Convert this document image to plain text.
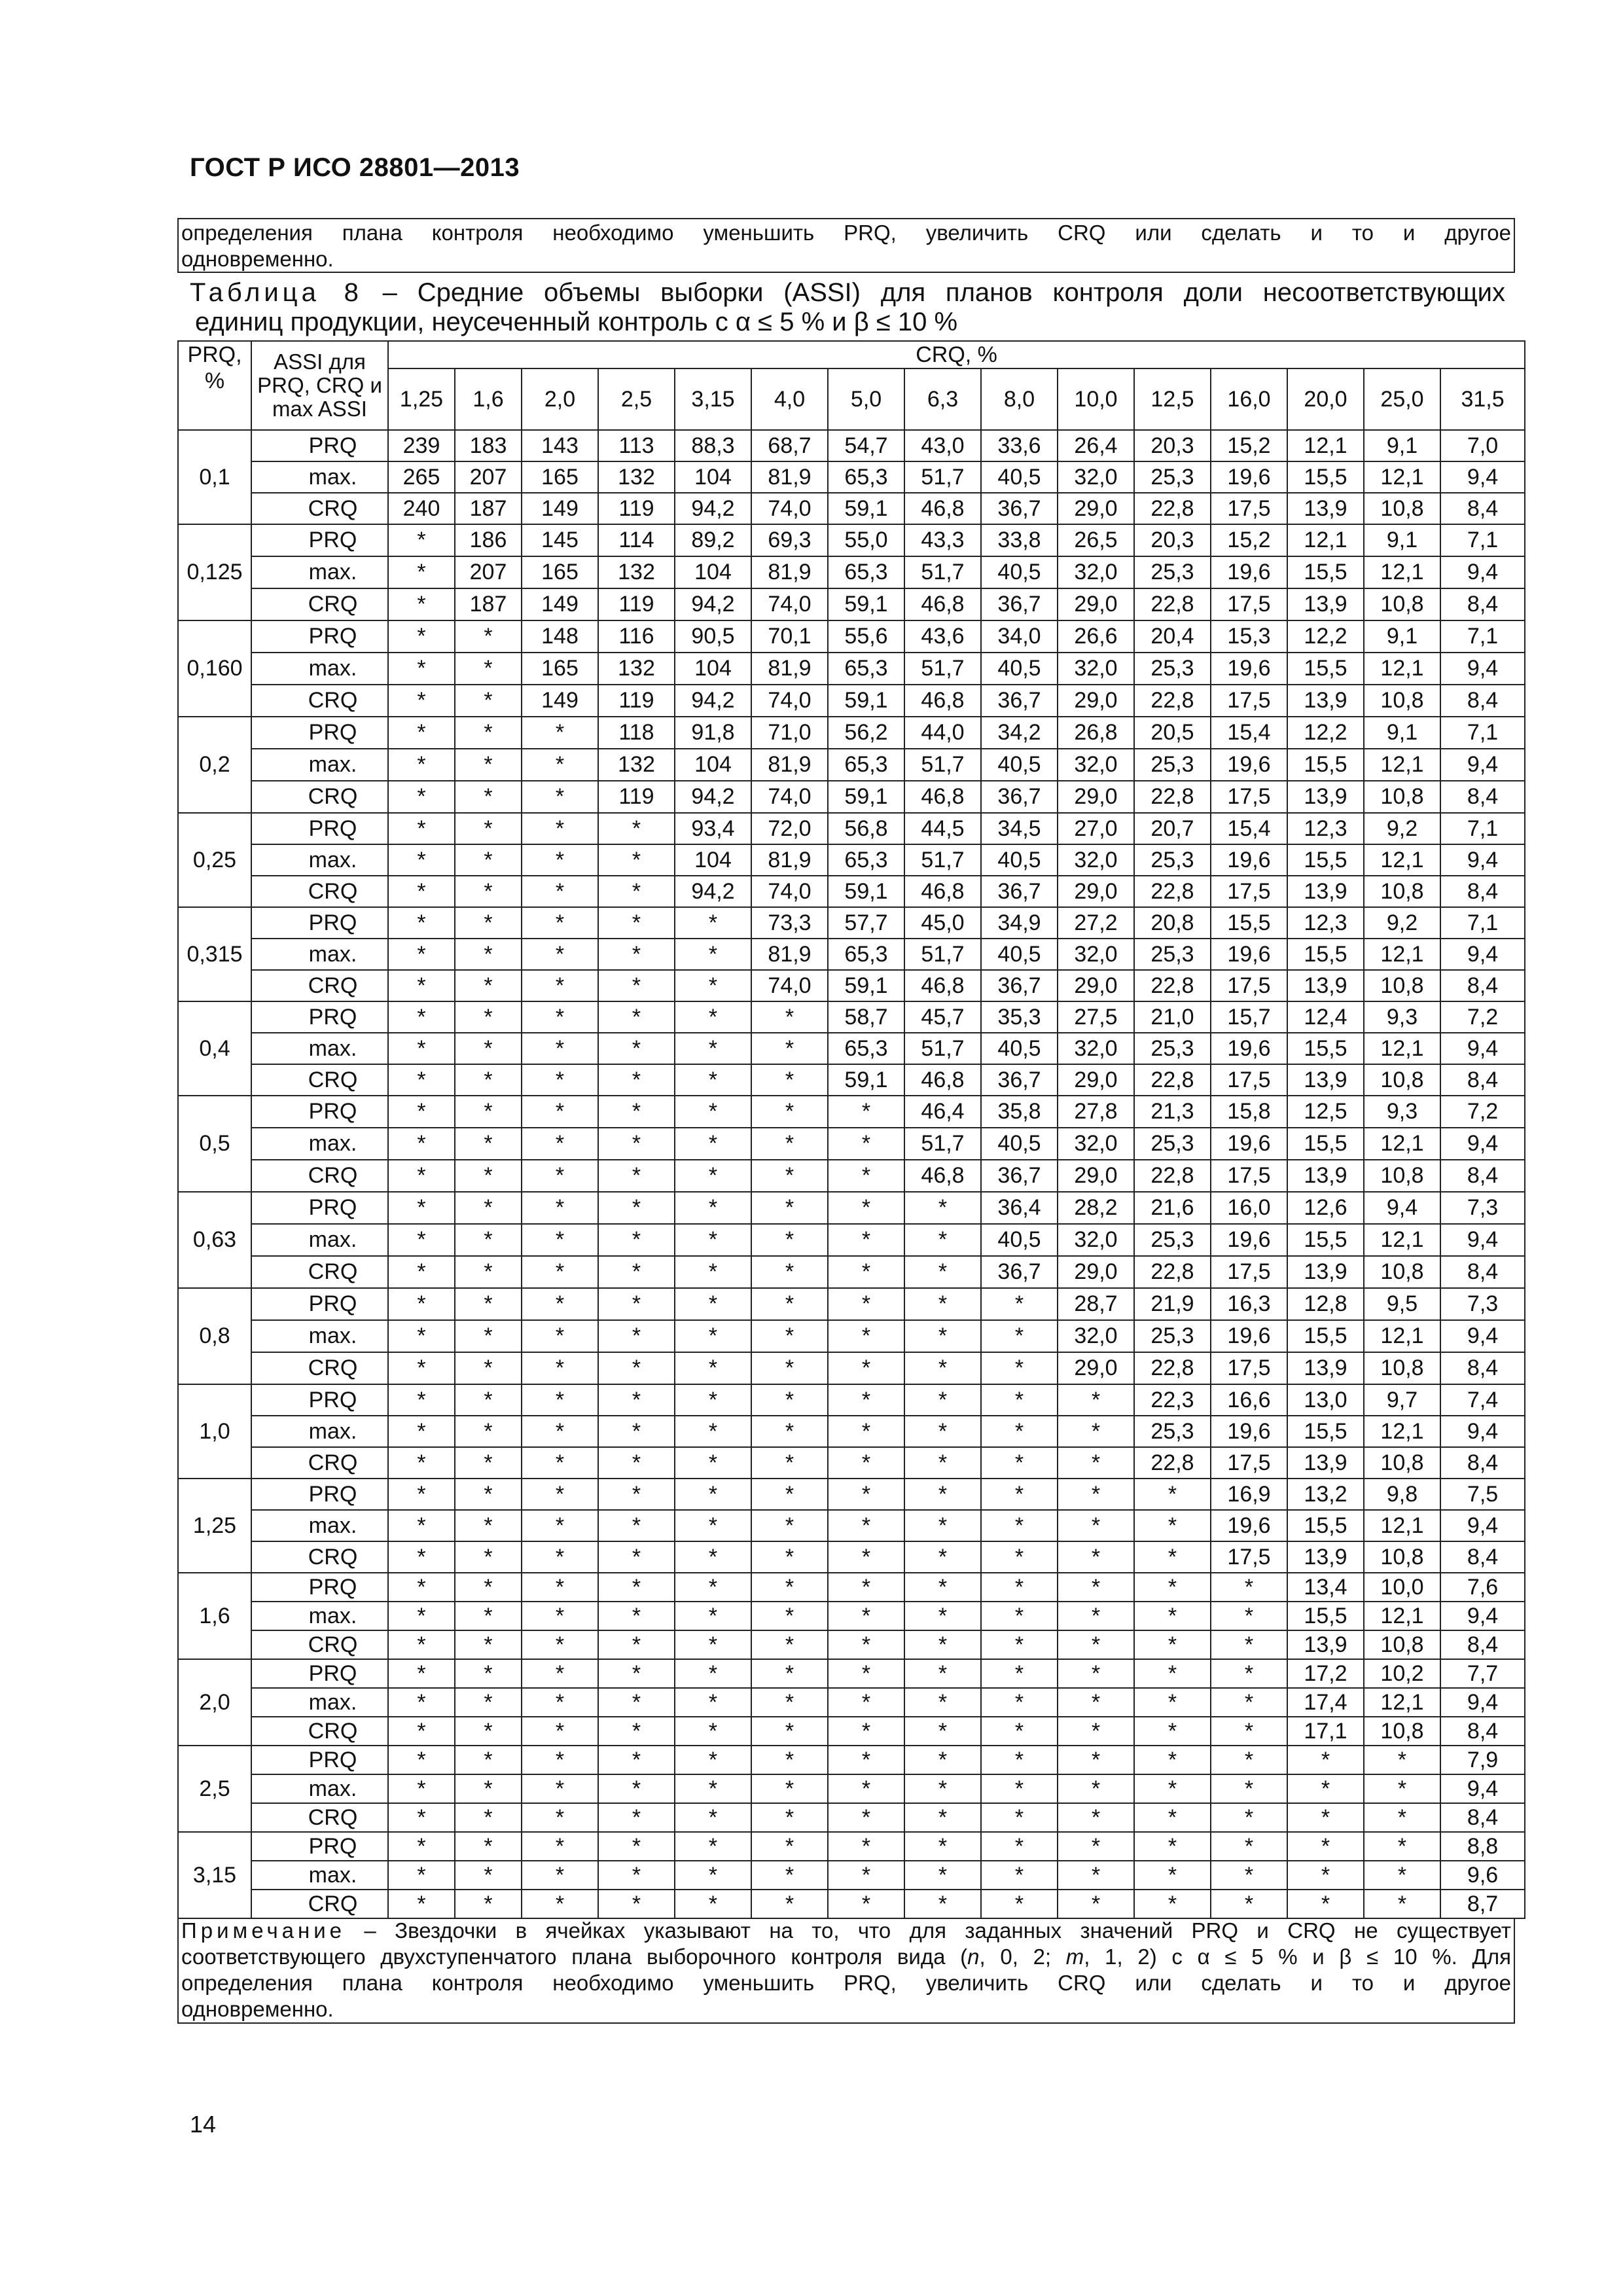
ГОСТ Р ИСО 28801—2013
определения плана контроля необходимо уменьшить PRQ, увеличить CRQ или сделать и то и другое
одновременно.
Таблица 8 – Средние объемы выборки (ASSI) для планов контроля доли несоответствующих
единиц продукции, неусеченный контроль с α ≤ 5 % и β ≤ 10 %
PRQ, %	ASSI для PRQ, CRQ и max ASSI	CRQ, %														
		1,25	1,6	2,0	2,5	3,15	4,0	5,0	6,3	8,0	10,0	12,5	16,0	20,0	25,0	31,5
0,1	PRQ	239	183	143	113	88,3	68,7	54,7	43,0	33,6	26,4	20,3	15,2	12,1	9,1	7,0
	max.	265	207	165	132	104	81,9	65,3	51,7	40,5	32,0	25,3	19,6	15,5	12,1	9,4
	CRQ	240	187	149	119	94,2	74,0	59,1	46,8	36,7	29,0	22,8	17,5	13,9	10,8	8,4
0,125	PRQ	*	186	145	114	89,2	69,3	55,0	43,3	33,8	26,5	20,3	15,2	12,1	9,1	7,1
	max.	*	207	165	132	104	81,9	65,3	51,7	40,5	32,0	25,3	19,6	15,5	12,1	9,4
	CRQ	*	187	149	119	94,2	74,0	59,1	46,8	36,7	29,0	22,8	17,5	13,9	10,8	8,4
0,160	PRQ	*	*	148	116	90,5	70,1	55,6	43,6	34,0	26,6	20,4	15,3	12,2	9,1	7,1
	max.	*	*	165	132	104	81,9	65,3	51,7	40,5	32,0	25,3	19,6	15,5	12,1	9,4
	CRQ	*	*	149	119	94,2	74,0	59,1	46,8	36,7	29,0	22,8	17,5	13,9	10,8	8,4
0,2	PRQ	*	*	*	118	91,8	71,0	56,2	44,0	34,2	26,8	20,5	15,4	12,2	9,1	7,1
	max.	*	*	*	132	104	81,9	65,3	51,7	40,5	32,0	25,3	19,6	15,5	12,1	9,4
	CRQ	*	*	*	119	94,2	74,0	59,1	46,8	36,7	29,0	22,8	17,5	13,9	10,8	8,4
0,25	PRQ	*	*	*	*	93,4	72,0	56,8	44,5	34,5	27,0	20,7	15,4	12,3	9,2	7,1
	max.	*	*	*	*	104	81,9	65,3	51,7	40,5	32,0	25,3	19,6	15,5	12,1	9,4
	CRQ	*	*	*	*	94,2	74,0	59,1	46,8	36,7	29,0	22,8	17,5	13,9	10,8	8,4
0,315	PRQ	*	*	*	*	*	73,3	57,7	45,0	34,9	27,2	20,8	15,5	12,3	9,2	7,1
	max.	*	*	*	*	*	81,9	65,3	51,7	40,5	32,0	25,3	19,6	15,5	12,1	9,4
	CRQ	*	*	*	*	*	74,0	59,1	46,8	36,7	29,0	22,8	17,5	13,9	10,8	8,4
0,4	PRQ	*	*	*	*	*	*	58,7	45,7	35,3	27,5	21,0	15,7	12,4	9,3	7,2
	max.	*	*	*	*	*	*	65,3	51,7	40,5	32,0	25,3	19,6	15,5	12,1	9,4
	CRQ	*	*	*	*	*	*	59,1	46,8	36,7	29,0	22,8	17,5	13,9	10,8	8,4
0,5	PRQ	*	*	*	*	*	*	*	46,4	35,8	27,8	21,3	15,8	12,5	9,3	7,2
	max.	*	*	*	*	*	*	*	51,7	40,5	32,0	25,3	19,6	15,5	12,1	9,4
	CRQ	*	*	*	*	*	*	*	46,8	36,7	29,0	22,8	17,5	13,9	10,8	8,4
0,63	PRQ	*	*	*	*	*	*	*	*	36,4	28,2	21,6	16,0	12,6	9,4	7,3
	max.	*	*	*	*	*	*	*	*	40,5	32,0	25,3	19,6	15,5	12,1	9,4
	CRQ	*	*	*	*	*	*	*	*	36,7	29,0	22,8	17,5	13,9	10,8	8,4
0,8	PRQ	*	*	*	*	*	*	*	*	*	28,7	21,9	16,3	12,8	9,5	7,3
	max.	*	*	*	*	*	*	*	*	*	32,0	25,3	19,6	15,5	12,1	9,4
	CRQ	*	*	*	*	*	*	*	*	*	29,0	22,8	17,5	13,9	10,8	8,4
1,0	PRQ	*	*	*	*	*	*	*	*	*	*	22,3	16,6	13,0	9,7	7,4
	max.	*	*	*	*	*	*	*	*	*	*	25,3	19,6	15,5	12,1	9,4
	CRQ	*	*	*	*	*	*	*	*	*	*	22,8	17,5	13,9	10,8	8,4
1,25	PRQ	*	*	*	*	*	*	*	*	*	*	*	16,9	13,2	9,8	7,5
	max.	*	*	*	*	*	*	*	*	*	*	*	19,6	15,5	12,1	9,4
	CRQ	*	*	*	*	*	*	*	*	*	*	*	17,5	13,9	10,8	8,4
1,6	PRQ	*	*	*	*	*	*	*	*	*	*	*	*	13,4	10,0	7,6
	max.	*	*	*	*	*	*	*	*	*	*	*	*	15,5	12,1	9,4
	CRQ	*	*	*	*	*	*	*	*	*	*	*	*	13,9	10,8	8,4
2,0	PRQ	*	*	*	*	*	*	*	*	*	*	*	*	17,2	10,2	7,7
	max.	*	*	*	*	*	*	*	*	*	*	*	*	17,4	12,1	9,4
	CRQ	*	*	*	*	*	*	*	*	*	*	*	*	17,1	10,8	8,4
2,5	PRQ	*	*	*	*	*	*	*	*	*	*	*	*	*	*	7,9
	max.	*	*	*	*	*	*	*	*	*	*	*	*	*	*	9,4
	CRQ	*	*	*	*	*	*	*	*	*	*	*	*	*	*	8,4
3,15	PRQ	*	*	*	*	*	*	*	*	*	*	*	*	*	*	8,8
	max.	*	*	*	*	*	*	*	*	*	*	*	*	*	*	9,6
	CRQ	*	*	*	*	*	*	*	*	*	*	*	*	*	*	8,7
Примечание – Звездочки в ячейках указывают на то, что для заданных значений PRQ и CRQ не существует
соответствующего двухступенчатого плана выборочного контроля вида (n, 0, 2; m, 1, 2) с α ≤ 5 % и β ≤ 10 %. Для
определения плана контроля необходимо уменьшить PRQ, увеличить CRQ или сделать и то и другое
одновременно.
14
